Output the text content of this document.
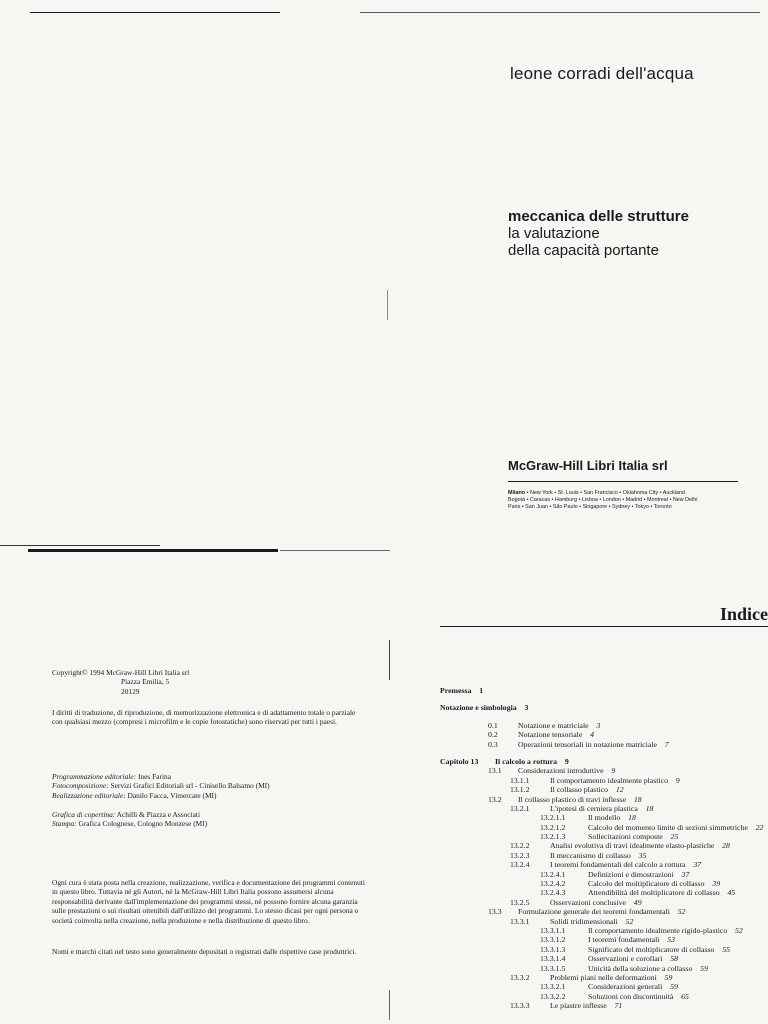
leone corradi dell'acqua
meccanica delle strutture
la valutazione
della capacità portante
McGraw-Hill Libri Italia srl
Milano • New York • St. Louis • San Francisco • Oklahoma City • Auckland
Bogotá • Caracas • Hamburg • Lisboa • London • Madrid • Montreal • New Delhi
Paris • San Juan • São Paulo • Singapore • Sydney • Tokyo • Toronto
Copyright© 1994 McGraw-Hill Libri Italia srl
Piazza Emilia, 5
20129
I diritti di traduzione, di riproduzione, di memorizzazione elettronica e di adattamento totale o parziale con qualsiasi mezzo (compresi i microfilm e le copie fotostatiche) sono riservati per tutti i paesi.
Programmazione editoriale: Ines Farina
Fotocomposizione: Servizi Grafici Editoriali srl - Cinisello Balsamo (MI)
Realizzazione editoriale: Danilo Facca, Vimercate (MI)
Grafica di copertina: Achilli & Piazza e Associati
Stampa: Grafica Colognese, Cologno Monzese (MI)
Ogni cura è stata posta nella creazione, realizzazione, verifica e documentazione dei programmi contenuti in questo libro. Tuttavia né gli Autori, né la McGraw-Hill Libri Italia possono assumersi alcuna responsabilità derivante dall'implementazione dei programmi stessi, né possono fornire alcuna garanzia sulle prestazioni o sui risultati ottenibili dall'utilizzo dei programmi. Lo stesso dicasi per ogni persona o società coinvolta nella creazione, nella produzione e nella distribuzione di questo libro.
Nomi e marchi citati nel testo sono generalmente depositati o registrati dalle rispettive case produttrici.
Indice
Premessa  1
Notazione e simbologia  3
0.1	Notazione e matriciale  3
0.2	Notazione tensoriale  4
0.3	Operazioni tensoriali in notazione matriciale  7
Capitolo 13 Il calcolo a rottura  9
13.1 Considerazioni introduttive  9
13.1.1	Il comportamento idealmente plastico  9
13.1.2	Il collasso plastico  12
13.2 Il collasso plastico di travi inflesse  18
13.2.1	L'ipotesi di cerniera plastica  18
13.2.1.1	Il modello  18
13.2.1.2	Calcolo del momento limite di sezioni simmetriche  22
13.2.1.3	Sollecitazioni composte  25
13.2.2	Analisi evolutiva di travi idealmente elasto-plastiche  28
13.2.3	Il meccanismo di collasso  35
13.2.4	I teoremi fondamentali del calcolo a rottura  37
13.2.4.1	Definizioni e dimostrazioni  37
13.2.4.2	Calcolo del moltiplicatore di collasso  39
13.2.4.3	Attendibilità del moltiplicatore di collasso  45
13.2.5	Osservazioni conclusive  49
13.3 Formulazione generale dei teoremi fondamentali  52
13.3.1	Solidi tridimensionali  52
13.3.1.1	Il comportamento idealmente rigido-plastico  52
13.3.1.2	I teoremi fondamentali  53
13.3.1.3	Significato del moltiplicatore di collasso  55
13.3.1.4	Osservazioni e corollari  58
13.3.1.5	Unicità della soluzione a collasso  59
13.3.2	Problemi piani nelle deformazioni  59
13.3.2.1	Considerazioni generali  59
13.3.2.2	Soluzioni con discontinuità  65
13.3.3	Le piastre inflesse  71
